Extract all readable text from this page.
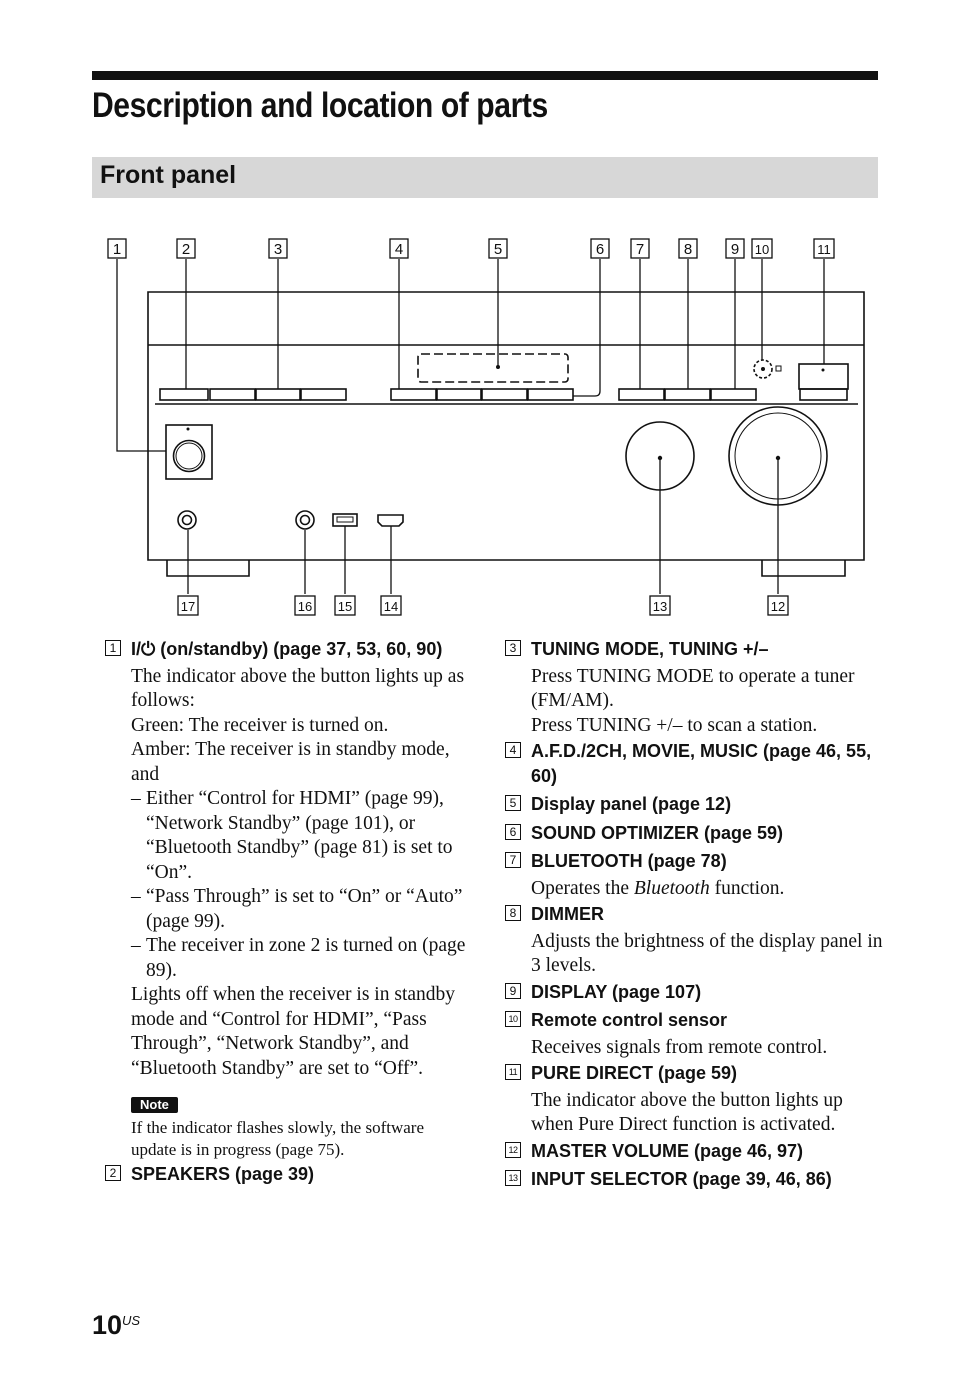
Description and location of parts
Front panel
1	2	3	4	5	6 7	8	9 10	11
17	16 15 14	13	12
1 I/⏻ (on/standby) (page 37, 53, 60, 90)

The indicator above the button lights up as follows:

Green: The receiver is turned on.

Amber: The receiver is in standby mode, and

– Either “Control for HDMI” (page 99), “Network Standby” (page 101), or “Bluetooth Standby” (page 81) is set to “On”.

– “Pass Through” is set to “On” or “Auto” (page 99).

– The receiver in zone 2 is turned on (page 89).

Lights off when the receiver is in standby mode and “Control for HDMI”, “Pass Through”, “Network Standby”, and “Bluetooth Standby” are set to “Off”.

Note

If the indicator flashes slowly, the software update is in progress (page 75).

2 SPEAKERS (page 39)
3 TUNING MODE, TUNING +/–

Press TUNING MODE to operate a tuner (FM/AM).

Press TUNING +/– to scan a station.

4 A.F.D./2CH, MOVIE, MUSIC (page 46, 55, 60)
5 Display panel (page 12)
6 SOUND OPTIMIZER (page 59)
7 BLUETOOTH (page 78)

Operates the Bluetooth function.

8 DIMMER

Adjusts the brightness of the display panel in 3 levels.

9 DISPLAY (page 107)
10 Remote control sensor

Receives signals from remote control.

11 PURE DIRECT (page 59)

The indicator above the button lights up when Pure Direct function is activated.

12 MASTER VOLUME (page 46, 97)
13 INPUT SELECTOR (page 39, 46, 86)
10 US
